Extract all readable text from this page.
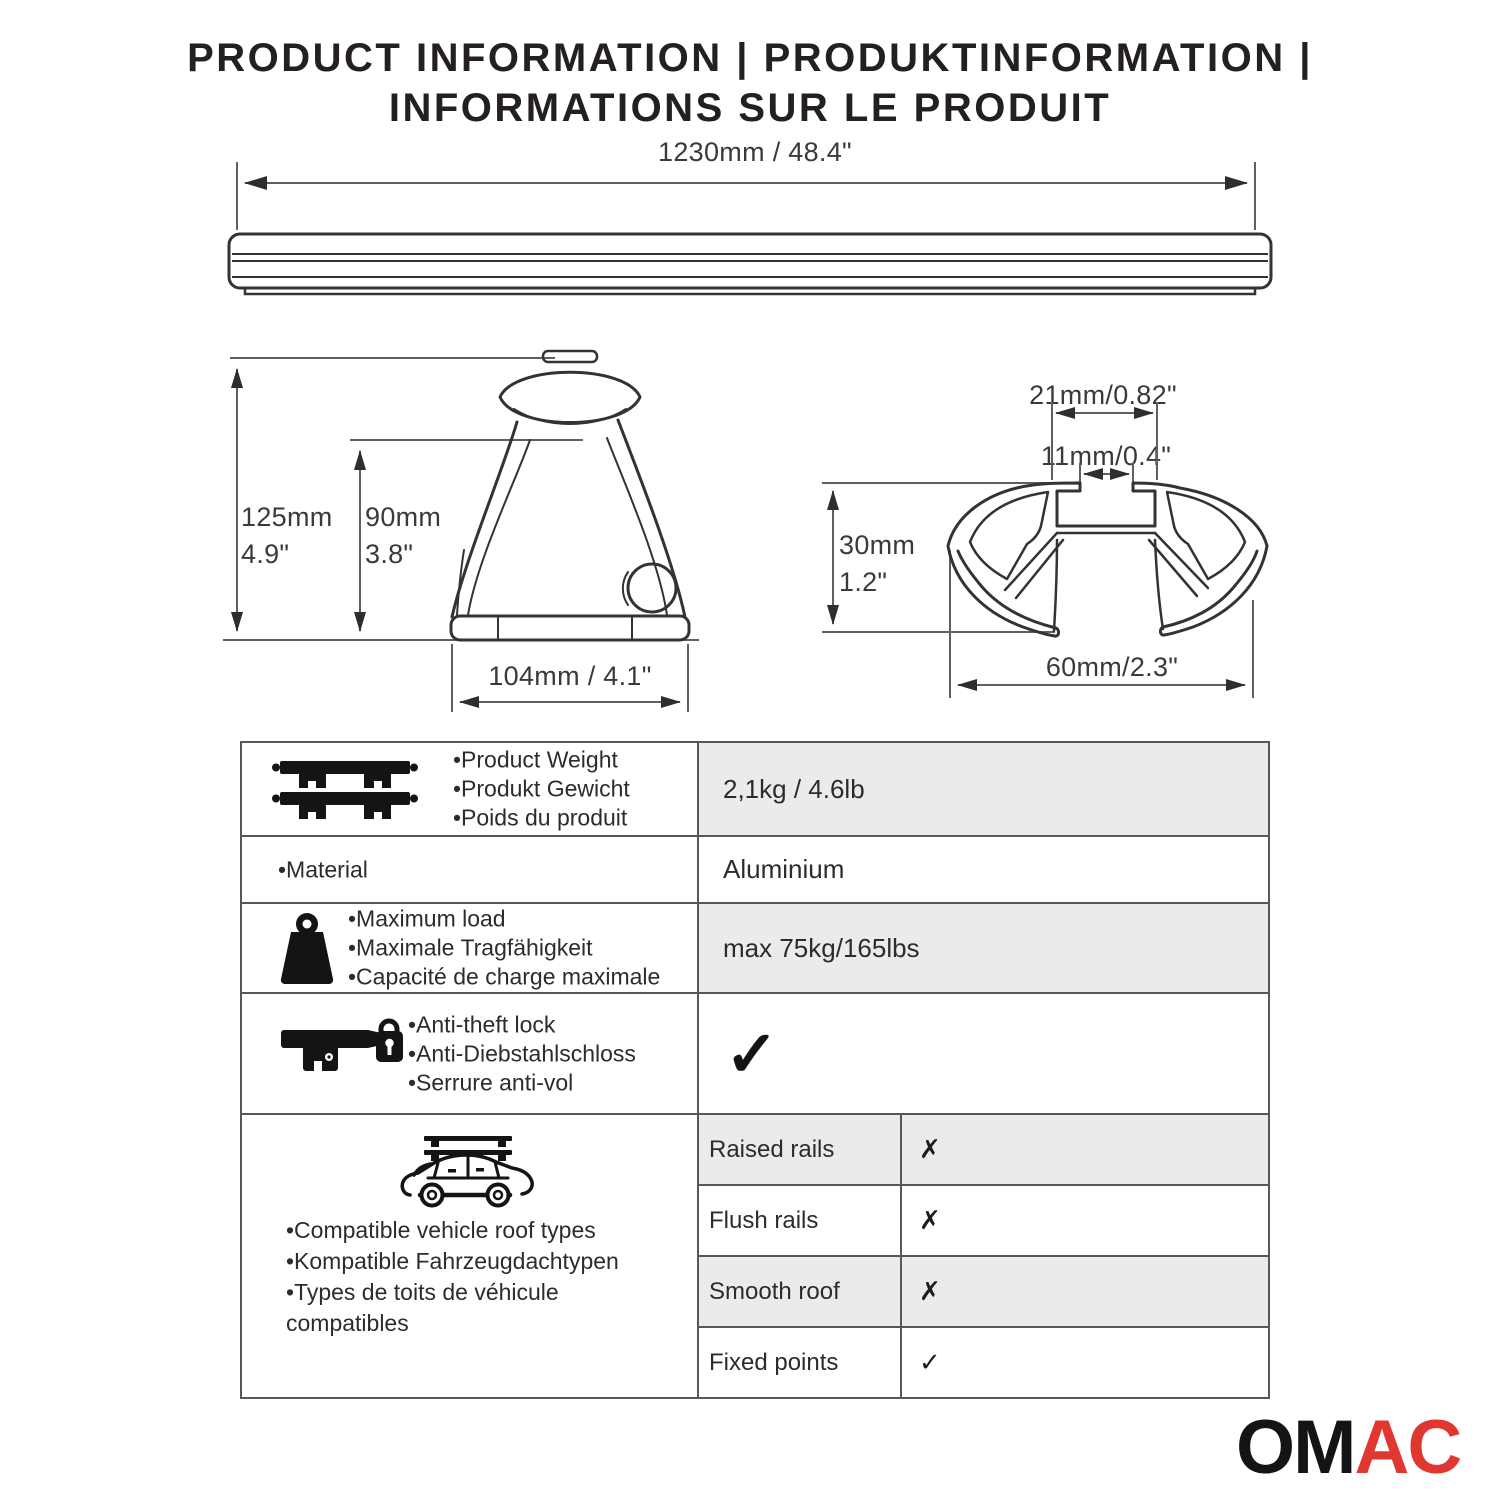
PRODUCT INFORMATION | PRODUKTINFORMATION |
INFORMATIONS SUR LE PRODUIT
1230mm / 48.4"
125mm
4.9"
90mm
3.8"
104mm / 4.1"
21mm/0.82"
11mm/0.4"
30mm
1.2"
60mm/2.3"
•Product Weight
•Produkt Gewicht
•Poids du produit
2,1kg / 4.6lb
•Material	Aluminium
•Maximum load
•Maximale Tragfähigkeit
•Capacité de charge maximale
max 75kg/165lbs
•Anti-theft lock
•Anti-Diebstahlschloss
•Serrure anti-vol	✓
•Compatible vehicle roof types
•Kompatible Fahrzeugdachtypen
•Types de toits de véhicule
compatibles
Raised rails	✗
Flush rails	✗
Smooth roof	✗
Fixed points	✓
OMAC
